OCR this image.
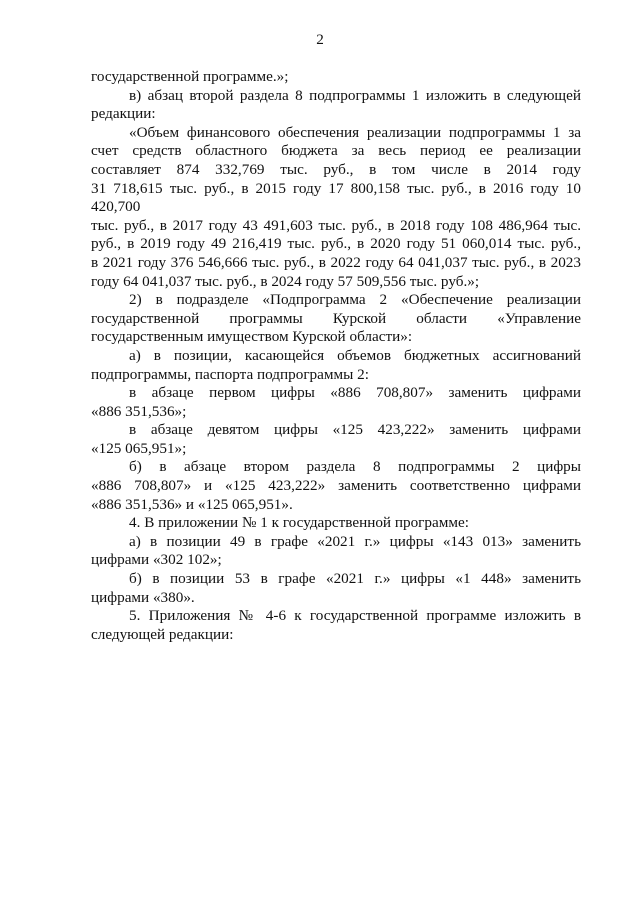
2
государственной программе.»;
в) абзац второй раздела 8 подпрограммы 1 изложить в следующей
редакции:
«Объем финансового обеспечения реализации подпрограммы 1 за
счет средств областного бюджета за весь период ее реализации
составляет 874 332,769 тыс. руб., в том числе в 2014 году
31 718,615 тыс. руб., в 2015 году 17 800,158 тыс. руб., в 2016 году 10 420,700
тыс. руб., в 2017 году 43 491,603 тыс. руб., в 2018 году 108 486,964 тыс.
руб., в 2019 году 49 216,419 тыс. руб., в 2020 году 51 060,014 тыс. руб.,
в 2021 году 376 546,666 тыс. руб., в 2022 году 64 041,037 тыс. руб., в 2023
году 64 041,037 тыс. руб., в 2024 году 57 509,556 тыс. руб.»;
2) в подразделе «Подпрограмма 2 «Обеспечение реализации
государственной программы Курской области «Управление
государственным имуществом Курской области»:
а) в позиции, касающейся объемов бюджетных ассигнований
подпрограммы, паспорта подпрограммы 2:
в абзаце первом цифры «886 708,807» заменить цифрами
«886 351,536»;
в абзаце девятом цифры «125 423,222» заменить цифрами
«125 065,951»;
б) в абзаце втором раздела 8 подпрограммы 2 цифры
«886 708,807» и «125 423,222» заменить соответственно цифрами
«886 351,536» и «125 065,951».
4. В приложении № 1 к государственной программе:
а) в позиции 49 в графе «2021 г.» цифры «143 013» заменить
цифрами «302 102»;
б) в позиции 53 в графе «2021 г.» цифры «1 448» заменить
цифрами «380».
5. Приложения № 4-6 к государственной программе изложить в
следующей редакции:
